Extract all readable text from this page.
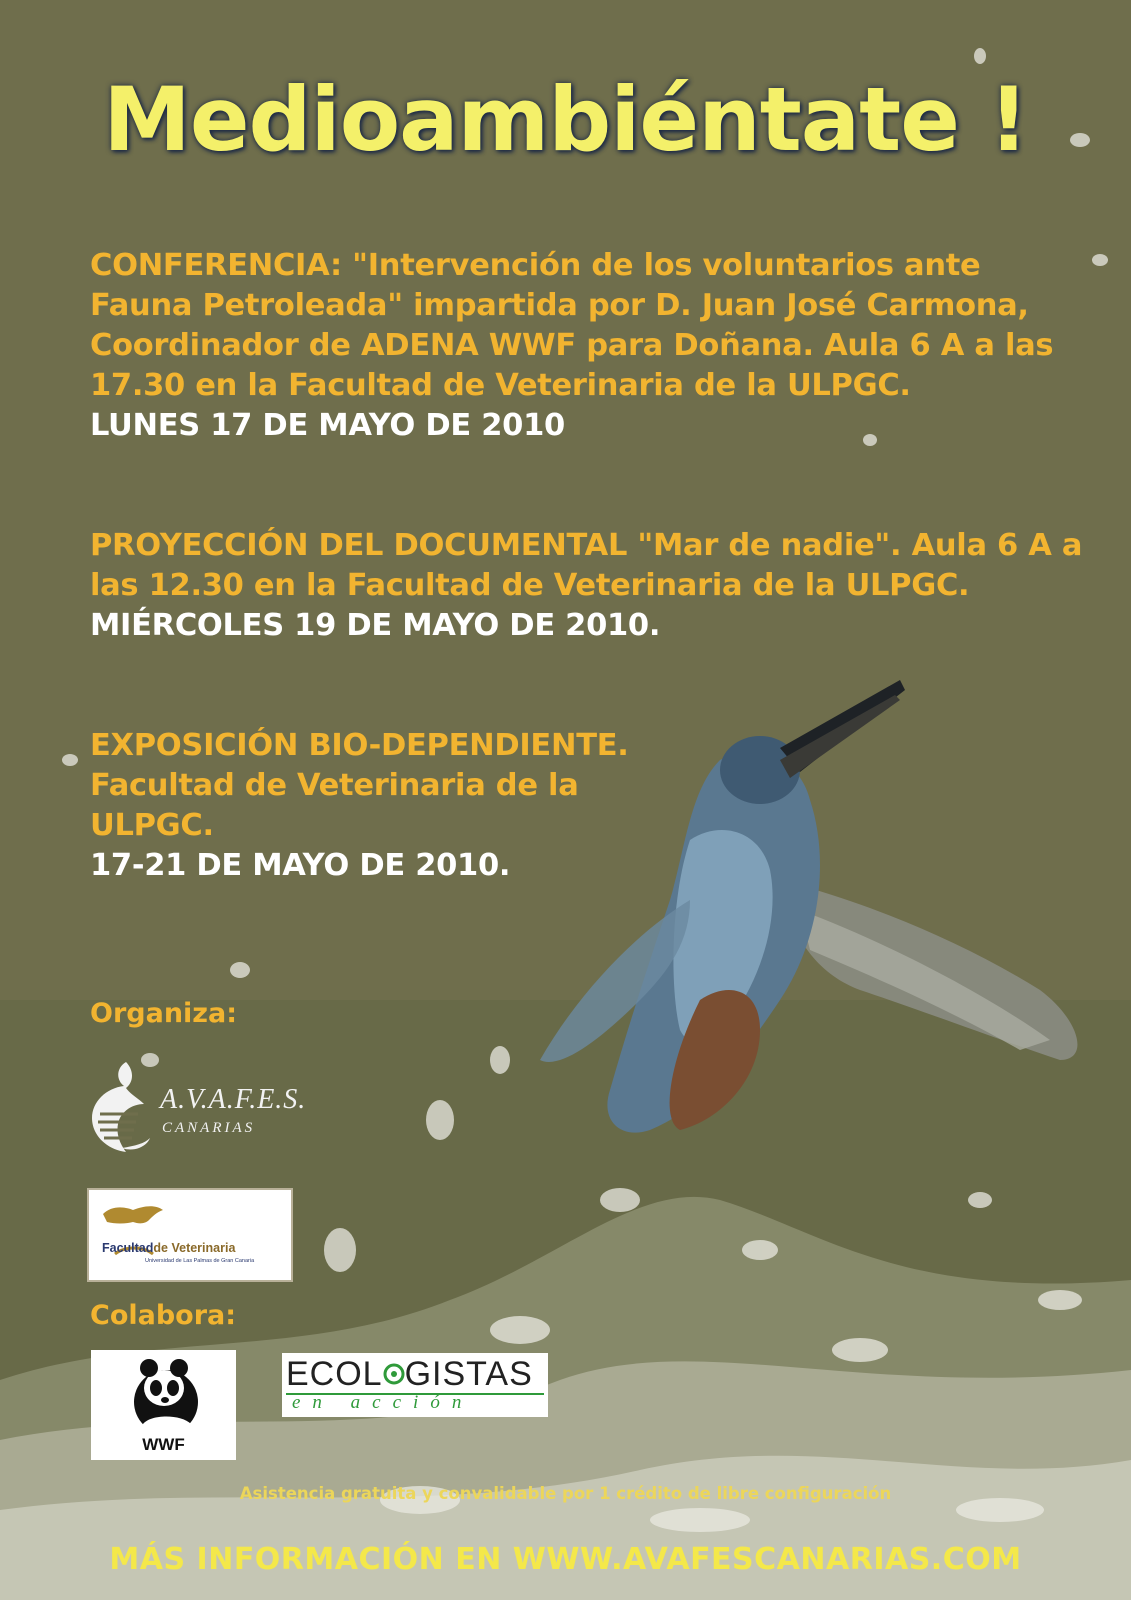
Medioambiéntate !
CONFERENCIA: "Intervención de los voluntarios ante Fauna Petroleada" impartida por D. Juan José Carmona, Coordinador de ADENA WWF para Doñana. Aula 6 A a las 17.30 en la Facultad de Veterinaria de la ULPGC.
LUNES 17 DE MAYO DE 2010
PROYECCIÓN DEL DOCUMENTAL "Mar de nadie". Aula 6 A a las 12.30 en la Facultad de Veterinaria de la ULPGC.
MIÉRCOLES 19 DE MAYO DE 2010.
EXPOSICIÓN BIO-DEPENDIENTE. Facultad de Veterinaria de la ULPGC.
17-21 DE MAYO DE 2010.
Organiza:
A.V.A.F.E.S.
CANARIAS
Facultadde Veterinaria
Universidad de Las Palmas de Gran Canaria
Colabora:
WWF
ECOL GISTAS
en acción
Asistencia gratuita y convalidable por 1 crédito de libre configuración
MÁS INFORMACIÓN EN WWW.AVAFESCANARIAS.COM
